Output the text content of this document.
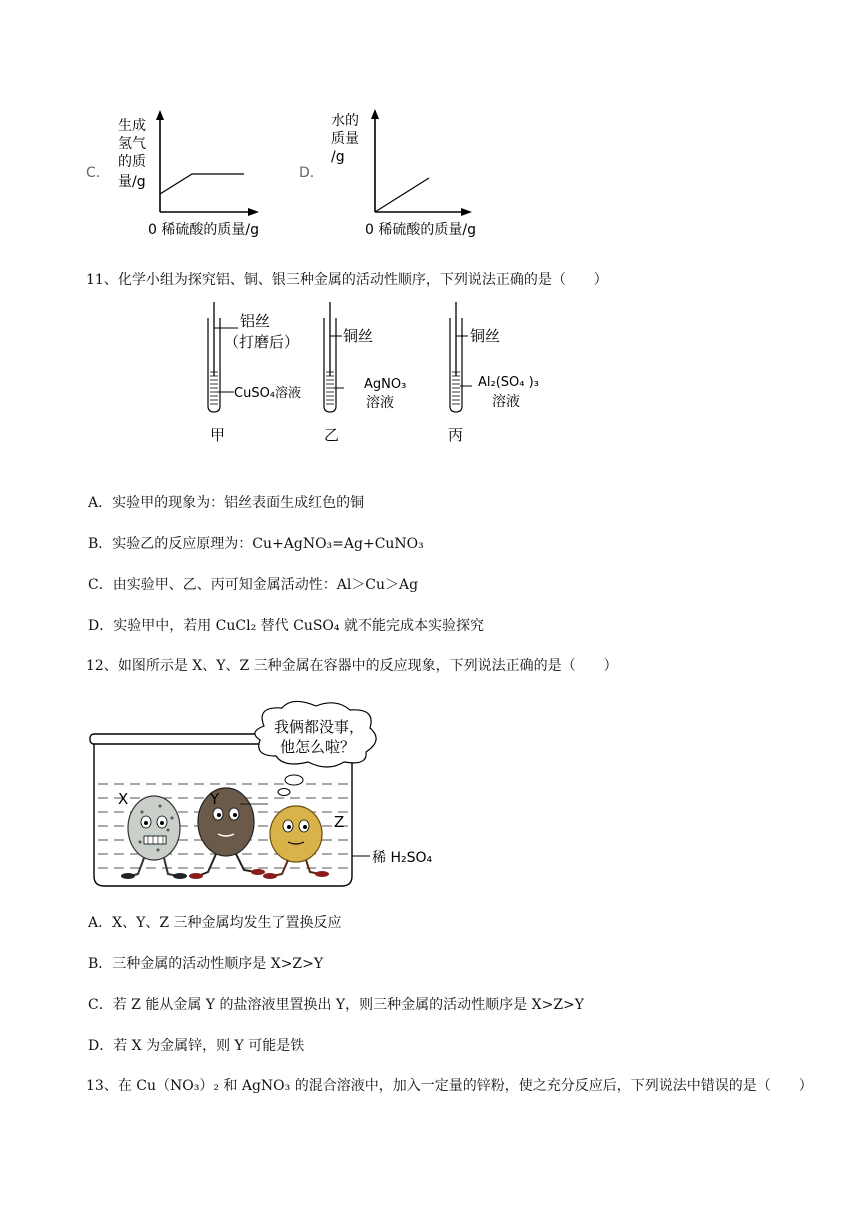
C．
生成
氢气
的质
量/g
0 稀硫酸的质量/g
D．
水的
质量
/g
0 稀硫酸的质量/g
11、化学小组为探究铝、铜、银三种金属的活动性顺序，下列说法正确的是（　　）
铝丝
（打磨后）
CuSO₄溶液
甲
铜丝
AgNO₃
溶液
乙
铜丝
Al₂(SO₄ )₃
溶液
丙
A．实验甲的现象为：铝丝表面生成红色的铜
B．实验乙的反应原理为：Cu+AgNO₃=Ag+CuNO₃
C．由实验甲、乙、丙可知金属活动性：Al＞Cu＞Ag
D．实验甲中，若用 CuCl₂ 替代 CuSO₄ 就不能完成本实验探究
12、如图所示是 X、Y、Z 三种金属在容器中的反应现象，下列说法正确的是（　　）
我俩都没事，
他怎么啦？
X	Y
Z
稀 H₂SO₄
A．X、Y、Z 三种金属均发生了置换反应
B．三种金属的活动性顺序是 X>Z>Y
C．若 Z 能从金属 Y 的盐溶液里置换出 Y，则三种金属的活动性顺序是 X>Z>Y
D．若 X 为金属锌，则 Y 可能是铁
13、在 Cu（NO₃）₂ 和 AgNO₃ 的混合溶液中，加入一定量的锌粉，使之充分反应后，下列说法中错误的是（　　）
